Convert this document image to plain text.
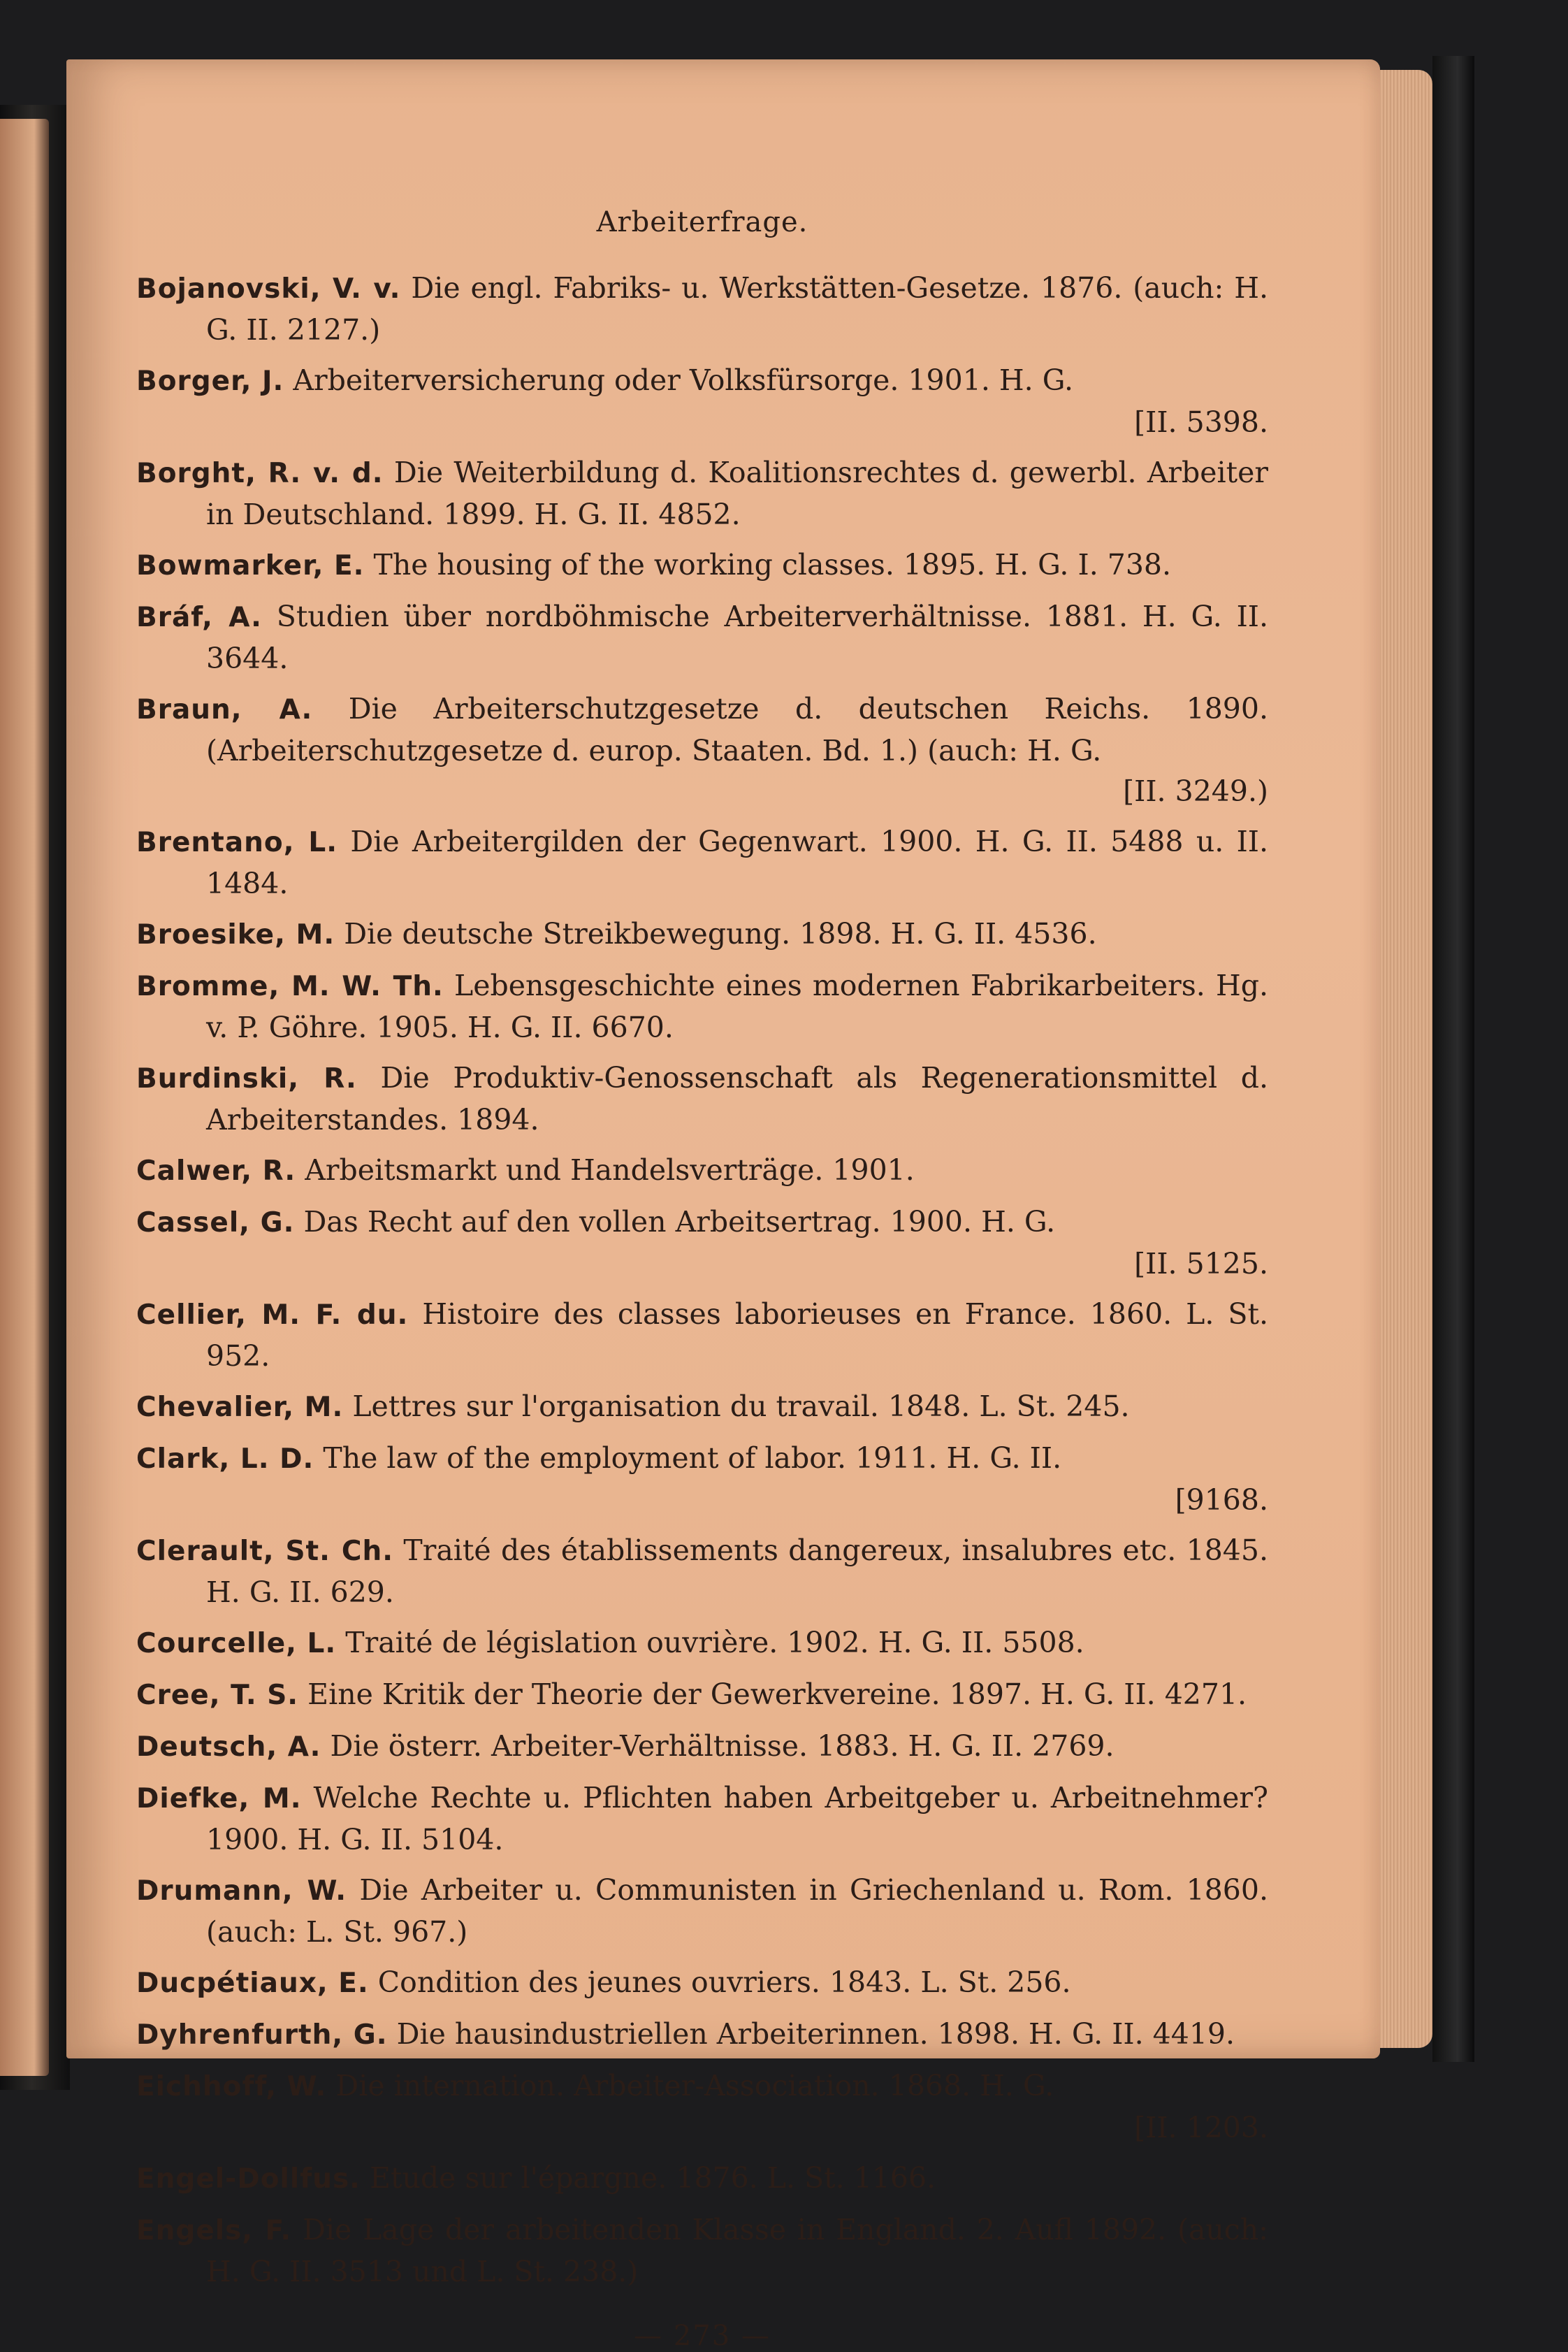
Arbeiterfrage.
Bojanovski, V. v. Die engl. Fabriks- u. Werkstätten-Gesetze. 1876. (auch: H. G. II. 2127.)
Borger, J. Arbeiterversicherung oder Volksfürsorge. 1901. H. G.
[II. 5398.
Borght, R. v. d. Die Weiterbildung d. Koalitionsrechtes d. gewerbl. Arbeiter in Deutschland. 1899. H. G. II. 4852.
Bowmarker, E. The housing of the working classes. 1895. H. G. I. 738.
Bráf, A. Studien über nordböhmische Arbeiterverhältnisse. 1881. H. G. II. 3644.
Braun, A. Die Arbeiterschutzgesetze d. deutschen Reichs. 1890. (Arbeiterschutzgesetze d. europ. Staaten. Bd. 1.) (auch: H. G.
[II. 3249.)
Brentano, L. Die Arbeitergilden der Gegenwart. 1900. H. G. II. 5488 u. II. 1484.
Broesike, M. Die deutsche Streikbewegung. 1898. H. G. II. 4536.
Bromme, M. W. Th. Lebensgeschichte eines modernen Fabrikarbeiters. Hg. v. P. Göhre. 1905. H. G. II. 6670.
Burdinski, R. Die Produktiv-Genossenschaft als Regenerationsmittel d. Arbeiterstandes. 1894.
Calwer, R. Arbeitsmarkt und Handelsverträge. 1901.
Cassel, G. Das Recht auf den vollen Arbeitsertrag. 1900. H. G.
[II. 5125.
Cellier, M. F. du. Histoire des classes laborieuses en France. 1860. L. St. 952.
Chevalier, M. Lettres sur l'organisation du travail. 1848. L. St. 245.
Clark, L. D. The law of the employment of labor. 1911. H. G. II.
[9168.
Clerault, St. Ch. Traité des établissements dangereux, insalubres etc. 1845. H. G. II. 629.
Courcelle, L. Traité de législation ouvrière. 1902. H. G. II. 5508.
Cree, T. S. Eine Kritik der Theorie der Gewerkvereine. 1897. H. G. II. 4271.
Deutsch, A. Die österr. Arbeiter-Verhältnisse. 1883. H. G. II. 2769.
Diefke, M. Welche Rechte u. Pflichten haben Arbeitgeber u. Arbeitnehmer? 1900. H. G. II. 5104.
Drumann, W. Die Arbeiter u. Communisten in Griechenland u. Rom. 1860. (auch: L. St. 967.)
Ducpétiaux, E. Condition des jeunes ouvriers. 1843. L. St. 256.
Dyhrenfurth, G. Die hausindustriellen Arbeiterinnen. 1898. H. G. II. 4419.
Eichhoff, W. Die internation. Arbeiter-Association. 1868. H. G.
[II. 1203.
Engel-Dollfus. Etude sur l'épargne. 1876. L. St. 1166.
Engels, F. Die Lage der arbeitenden Klasse in England. 2. Aufl 1892. (auch: H. G. II. 3513 und L. St. 238.)
— 273 —
